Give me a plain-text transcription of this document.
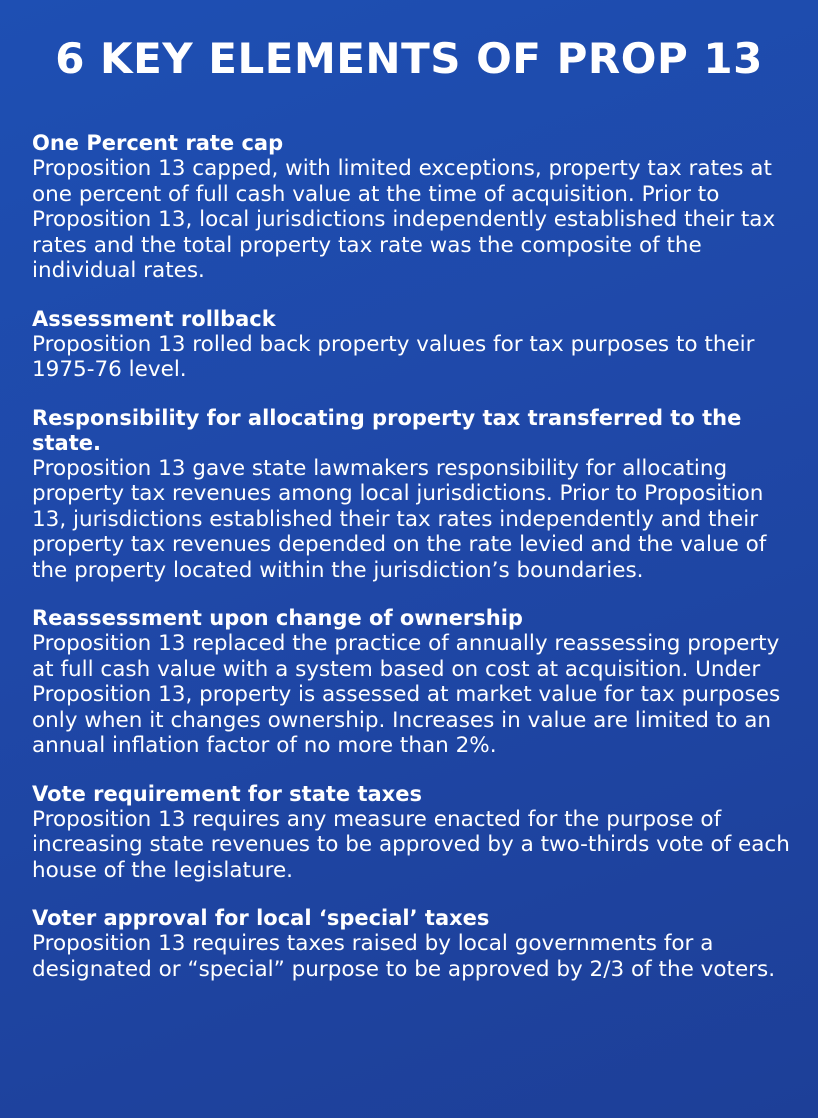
6 KEY ELEMENTS OF PROP 13
One Percent rate cap

Proposition 13 capped, with limited exceptions, property tax rates at one percent of full cash value at the time of acquisition. Prior to Proposition 13, local jurisdictions independently established their tax rates and the total property tax rate was the composite of the individual rates.

Assessment rollback

Proposition 13 rolled back property values for tax purposes to their 1975-76 level.

Responsibility for allocating property tax transferred to the state.

Proposition 13 gave state lawmakers responsibility for allocating property tax revenues among local jurisdictions. Prior to Proposition 13, jurisdictions established their tax rates independently and their property tax revenues depended on the rate levied and the value of the property located within the jurisdiction’s boundaries.

Reassessment upon change of ownership

Proposition 13 replaced the practice of annually reassessing property at full cash value with a system based on cost at acquisition. Under Proposition 13, property is assessed at market value for tax purposes only when it changes ownership. Increases in value are limited to an annual inflation factor of no more than 2%.

Vote requirement for state taxes

Proposition 13 requires any measure enacted for the purpose of increasing state revenues to be approved by a two-thirds vote of each house of the legislature.

Voter approval for local ‘special’ taxes

Proposition 13 requires taxes raised by local governments for a designated or “special” purpose to be approved by 2/3 of the voters.
